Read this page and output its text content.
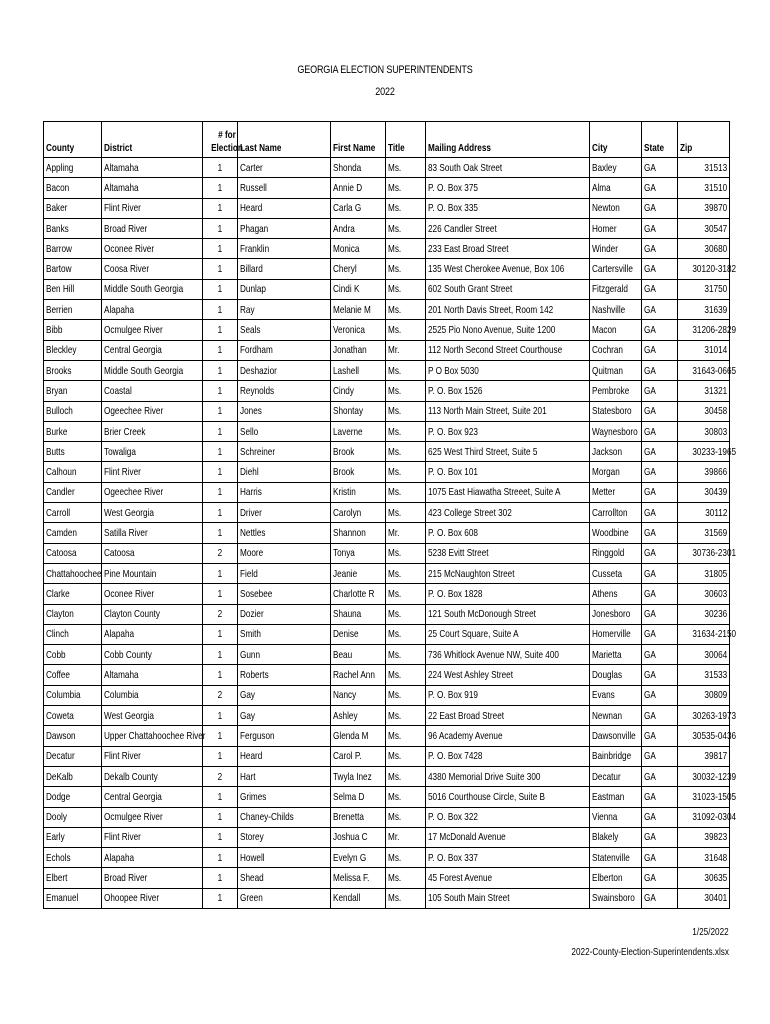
GEORGIA ELECTION SUPERINTENDENTS
2022
County	District	# for Election	Last Name	First Name	Title	Mailing Address	City	State	Zip
Appling	Altamaha	1	Carter	Shonda	Ms.	83 South Oak Street	Baxley	GA	31513
Bacon	Altamaha	1	Russell	Annie D	Ms.	P. O. Box 375	Alma	GA	31510
Baker	Flint River	1	Heard	Carla G	Ms.	P. O. Box 335	Newton	GA	39870
Banks	Broad River	1	Phagan	Andra	Ms.	226 Candler Street	Homer	GA	30547
Barrow	Oconee River	1	Franklin	Monica	Ms.	233 East Broad Street	Winder	GA	30680
Bartow	Coosa River	1	Billard	Cheryl	Ms.	135 West Cherokee Avenue, Box 106	Cartersville	GA	30120-3182
Ben Hill	Middle South Georgia	1	Dunlap	Cindi K	Ms.	602 South Grant Street	Fitzgerald	GA	31750
Berrien	Alapaha	1	Ray	Melanie M	Ms.	201 North Davis Street, Room 142	Nashville	GA	31639
Bibb	Ocmulgee River	1	Seals	Veronica	Ms.	2525 Pio Nono Avenue, Suite 1200	Macon	GA	31206-2829
Bleckley	Central Georgia	1	Fordham	Jonathan	Mr.	112 North Second Street Courthouse	Cochran	GA	31014
Brooks	Middle South Georgia	1	Deshazior	Lashell	Ms.	P O Box 5030	Quitman	GA	31643-0665
Bryan	Coastal	1	Reynolds	Cindy	Ms.	P. O. Box 1526	Pembroke	GA	31321
Bulloch	Ogeechee River	1	Jones	Shontay	Ms.	113 North Main Street, Suite 201	Statesboro	GA	30458
Burke	Brier Creek	1	Sello	Laverne	Ms.	P. O. Box 923	Waynesboro	GA	30803
Butts	Towaliga	1	Schreiner	Brook	Ms.	625 West Third Street, Suite 5	Jackson	GA	30233-1965
Calhoun	Flint River	1	Diehl	Brook	Ms.	P. O. Box 101	Morgan	GA	39866
Candler	Ogeechee River	1	Harris	Kristin	Ms.	1075 East Hiawatha Streeet, Suite A	Metter	GA	30439
Carroll	West Georgia	1	Driver	Carolyn	Ms.	423 College Street 302	Carrollton	GA	30112
Camden	Satilla River	1	Nettles	Shannon	Mr.	P. O. Box 608	Woodbine	GA	31569
Catoosa	Catoosa	2	Moore	Tonya	Ms.	5238 Evitt Street	Ringgold	GA	30736-2301
Chattahoochee	Pine Mountain	1	Field	Jeanie	Ms.	215 McNaughton Street	Cusseta	GA	31805
Clarke	Oconee River	1	Sosebee	Charlotte R	Ms.	P. O. Box 1828	Athens	GA	30603
Clayton	Clayton County	2	Dozier	Shauna	Ms.	121 South McDonough Street	Jonesboro	GA	30236
Clinch	Alapaha	1	Smith	Denise	Ms.	25 Court Square, Suite A	Homerville	GA	31634-2150
Cobb	Cobb County	1	Gunn	Beau	Ms.	736 Whitlock Avenue NW, Suite 400	Marietta	GA	30064
Coffee	Altamaha	1	Roberts	Rachel Ann	Ms.	224 West Ashley Street	Douglas	GA	31533
Columbia	Columbia	2	Gay	Nancy	Ms.	P. O. Box 919	Evans	GA	30809
Coweta	West Georgia	1	Gay	Ashley	Ms.	22 East Broad Street	Newnan	GA	30263-1973
Dawson	Upper Chattahoochee River	1	Ferguson	Glenda M	Ms.	96 Academy Avenue	Dawsonville	GA	30535-0436
Decatur	Flint River	1	Heard	Carol P.	Ms.	P. O. Box 7428	Bainbridge	GA	39817
DeKalb	Dekalb County	2	Hart	Twyla Inez	Ms.	4380 Memorial Drive Suite 300	Decatur	GA	30032-1239
Dodge	Central Georgia	1	Grimes	Selma D	Ms.	5016 Courthouse Circle, Suite B	Eastman	GA	31023-1505
Dooly	Ocmulgee River	1	Chaney-Childs	Brenetta	Ms.	P. O. Box 322	Vienna	GA	31092-0304
Early	Flint River	1	Storey	Joshua C	Mr.	17 McDonald Avenue	Blakely	GA	39823
Echols	Alapaha	1	Howell	Evelyn G	Ms.	P. O. Box 337	Statenville	GA	31648
Elbert	Broad River	1	Shead	Melissa F.	Ms.	45 Forest Avenue	Elberton	GA	30635
Emanuel	Ohoopee River	1	Green	Kendall	Ms.	105 South Main Street	Swainsboro	GA	30401
1/25/2022
2022-County-Election-Superintendents.xlsx
